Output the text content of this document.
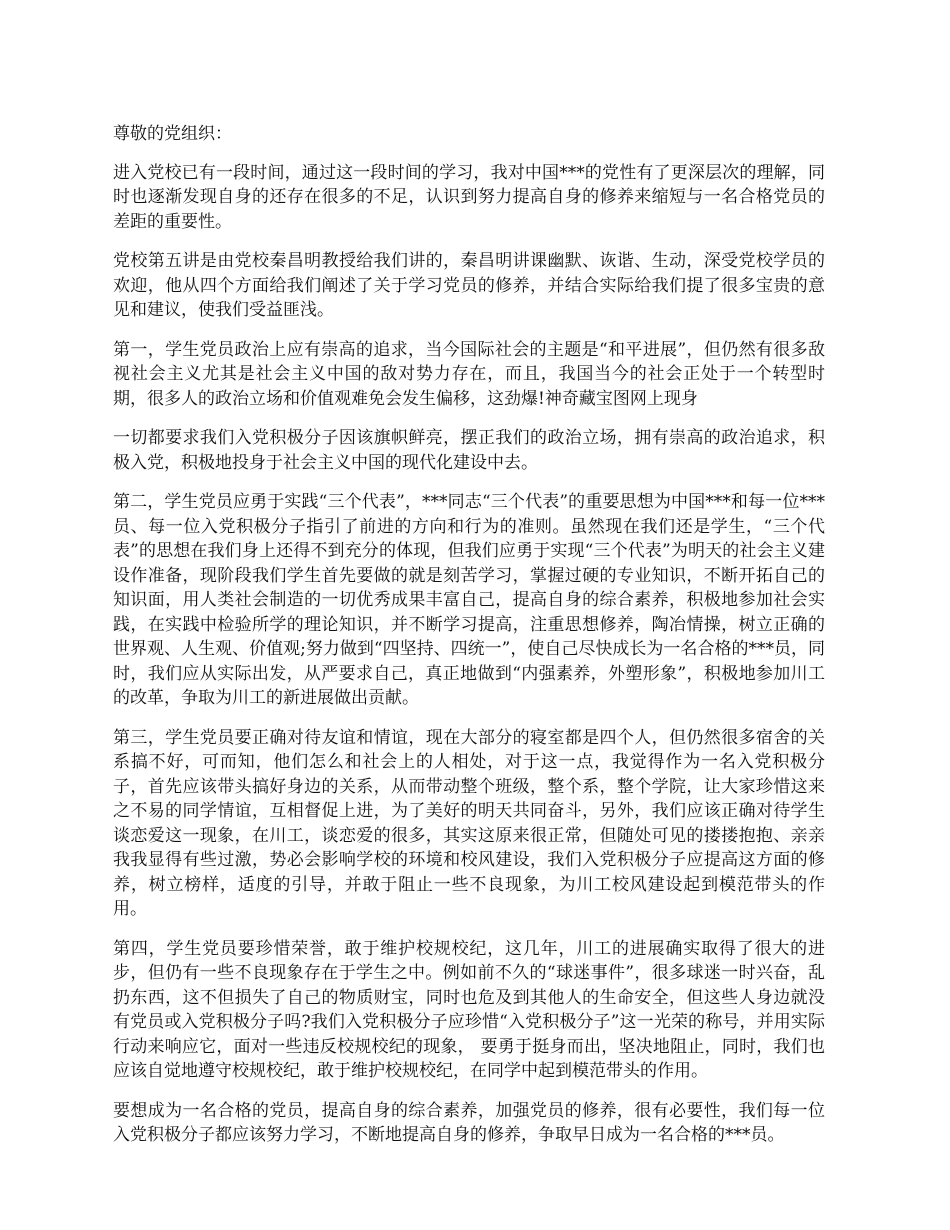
尊敬的党组织：

进入党校已有一段时间，通过这一段时间的学习，我对中国***的党性有了更深层次的理解，同时也逐渐发现自身的还存在很多的不足，认识到努力提高自身的修养来缩短与一名合格党员的差距的重要性。

党校第五讲是由党校秦昌明教授给我们讲的，秦昌明讲课幽默、诙谐、生动，深受党校学员的欢迎，他从四个方面给我们阐述了关于学习党员的修养，并结合实际给我们提了很多宝贵的意见和建议，使我们受益匪浅。

第一，学生党员政治上应有崇高的追求，当今国际社会的主题是“和平进展”，但仍然有很多敌视社会主义尤其是社会主义中国的敌对势力存在，而且，我国当今的社会正处于一个转型时期，很多人的政治立场和价值观难免会发生偏移，这劲爆!神奇藏宝图网上现身

一切都要求我们入党积极分子因该旗帜鲜亮，摆正我们的政治立场，拥有崇高的政治追求，积极入党，积极地投身于社会主义中国的现代化建设中去。

第二，学生党员应勇于实践“三个代表”，***同志“三个代表”的重要思想为中国***和每一位***员、每一位入党积极分子指引了前进的方向和行为的准则。虽然现在我们还是学生，“三个代表”的思想在我们身上还得不到充分的体现，但我们应勇于实现“三个代表”为明天的社会主义建设作准备，现阶段我们学生首先要做的就是刻苦学习，掌握过硬的专业知识，不断开拓自己的知识面，用人类社会制造的一切优秀成果丰富自己，提高自身的综合素养，积极地参加社会实践，在实践中检验所学的理论知识，并不断学习提高，注重思想修养，陶冶情操，树立正确的世界观、人生观、价值观;努力做到“四坚持、四统一”，使自己尽快成长为一名合格的***员，同时，我们应从实际出发，从严要求自己，真正地做到“内强素养，外塑形象”，积极地参加川工的改革，争取为川工的新进展做出贡献。

第三，学生党员要正确对待友谊和情谊，现在大部分的寝室都是四个人，但仍然很多宿舍的关系搞不好，可而知，他们怎么和社会上的人相处，对于这一点，我觉得作为一名入党积极分子，首先应该带头搞好身边的关系，从而带动整个班级，整个系，整个学院，让大家珍惜这来之不易的同学情谊，互相督促上进，为了美好的明天共同奋斗，另外，我们应该正确对待学生谈恋爱这一现象，在川工，谈恋爱的很多，其实这原来很正常，但随处可见的搂搂抱抱、亲亲我我显得有些过激，势必会影响学校的环境和校风建设，我们入党积极分子应提高这方面的修养，树立榜样，适度的引导，并敢于阻止一些不良现象，为川工校风建设起到模范带头的作用。

第四，学生党员要珍惜荣誉，敢于维护校规校纪，这几年，川工的进展确实取得了很大的进步，但仍有一些不良现象存在于学生之中。例如前不久的“球迷事件”，很多球迷一时兴奋，乱扔东西，这不但损失了自己的物质财宝，同时也危及到其他人的生命安全，但这些人身边就没有党员或入党积极分子吗?我们入党积极分子应珍惜“入党积极分子”这一光荣的称号，并用实际行动来响应它，面对一些违反校规校纪的现象， 要勇于挺身而出，坚决地阻止，同时，我们也应该自觉地遵守校规校纪，敢于维护校规校纪，在同学中起到模范带头的作用。

要想成为一名合格的党员，提高自身的综合素养，加强党员的修养，很有必要性，我们每一位入党积极分子都应该努力学习，不断地提高自身的修养，争取早日成为一名合格的***员。
